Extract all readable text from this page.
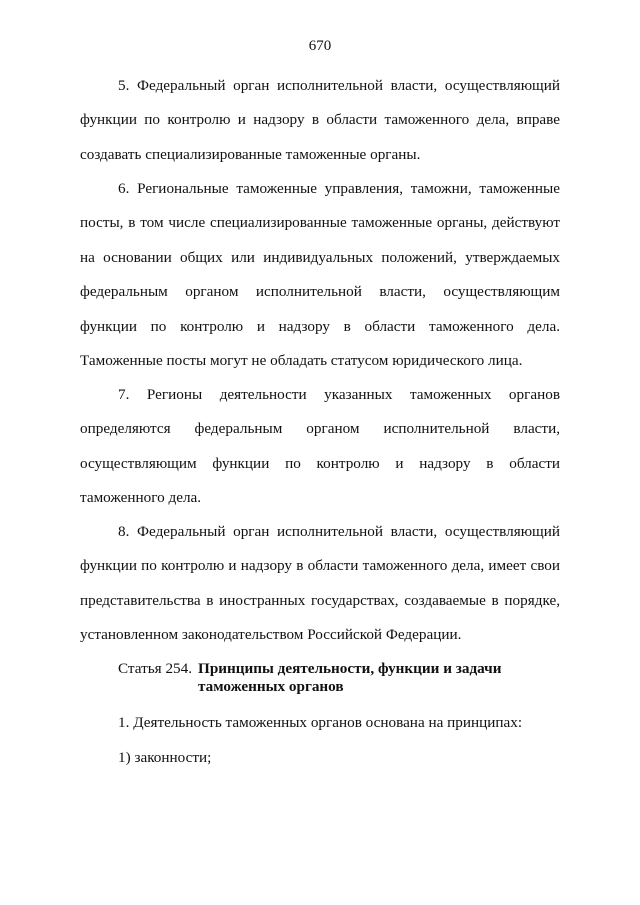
670

5. Федеральный орган исполнительной власти, осуществляющий функции по контролю и надзору в области таможенного дела, вправе создавать специализированные таможенные органы.

6. Региональные таможенные управления, таможни, таможенные посты, в том числе специализированные таможенные органы, действуют на основании общих или индивидуальных положений, утверждаемых федеральным органом исполнительной власти, осуществляющим функции по контролю и надзору в области таможенного дела. Таможенные посты могут не обладать статусом юридического лица.

7. Регионы деятельности указанных таможенных органов определяются федеральным органом исполнительной власти, осуществляющим функции по контролю и надзору в области таможенного дела.

8. Федеральный орган исполнительной власти, осуществляющий функции по контролю и надзору в области таможенного дела, имеет свои представительства в иностранных государствах, создаваемые в порядке, установленном законодательством Российской Федерации.

Статья 254. Принципы деятельности, функции и задачи таможенных органов

1. Деятельность таможенных органов основана на принципах:

1) законности;
